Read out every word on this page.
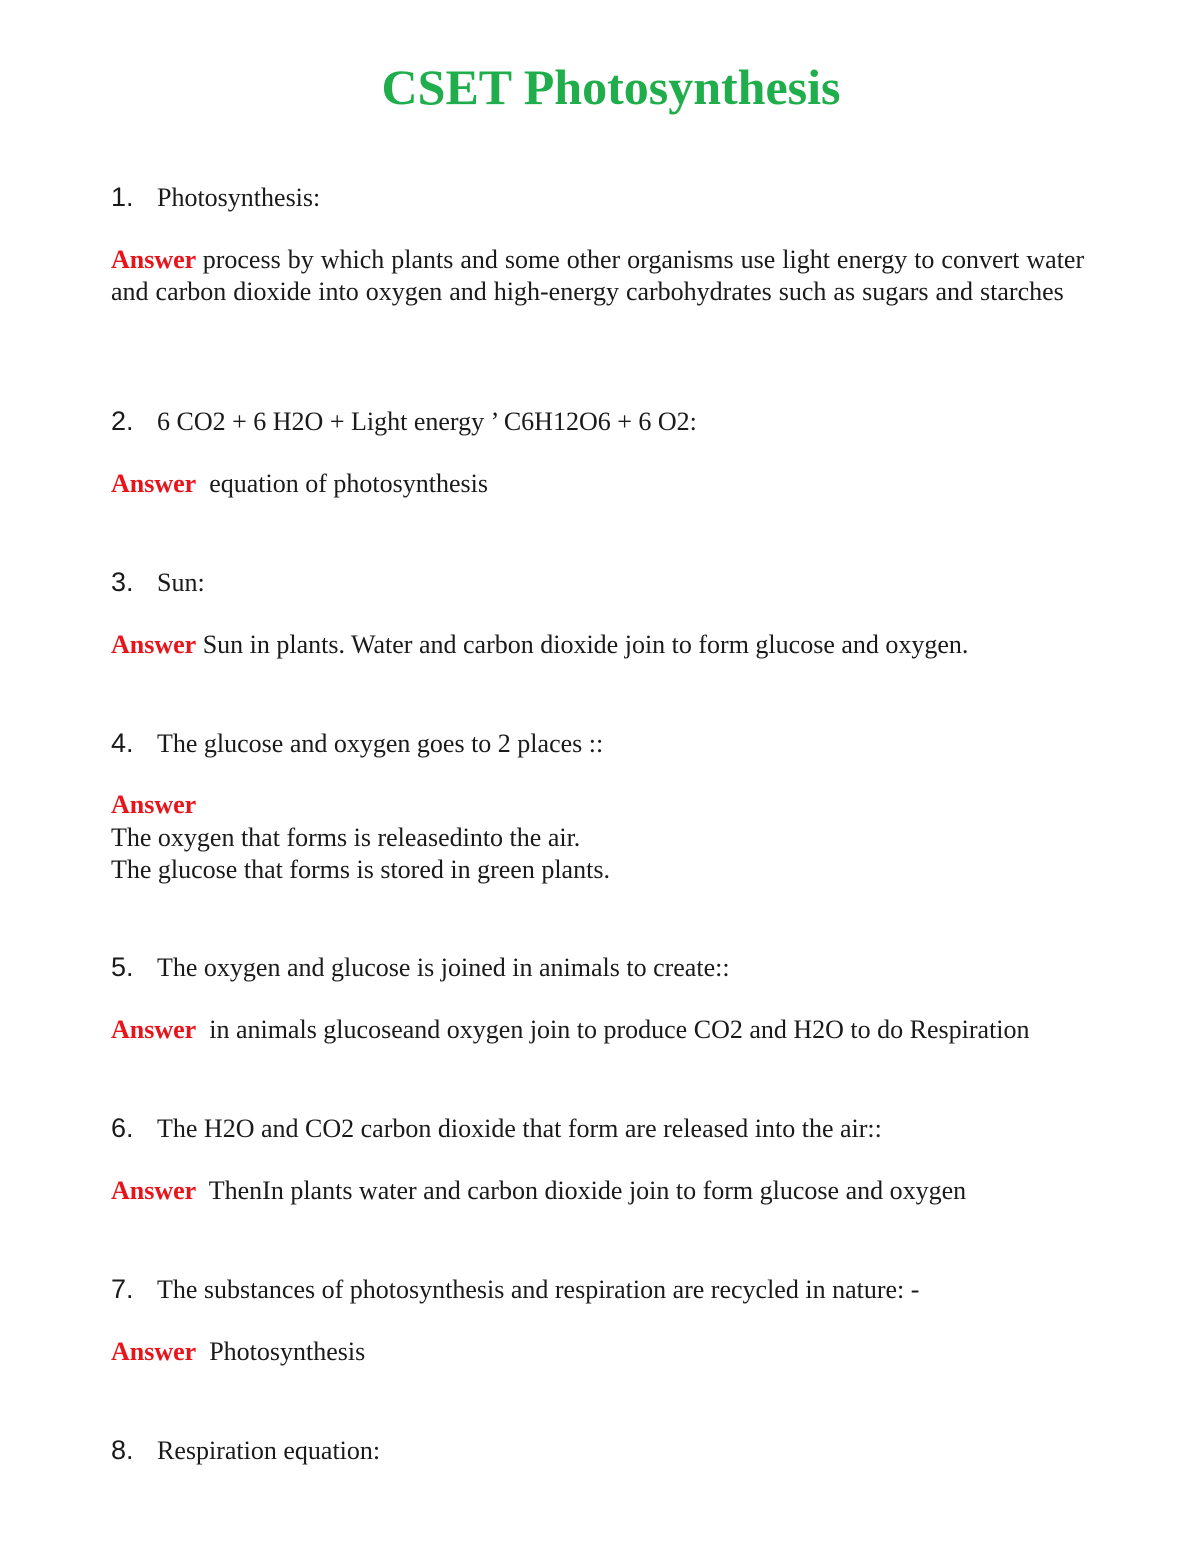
CSET Photosynthesis
1. Photosynthesis:
Answer process by which plants and some other organisms use light energy to convert water and carbon dioxide into oxygen and high-energy carbohydrates such as sugars and starches
2. 6 CO2 + 6 H2O + Light energy ’ C6H12O6 + 6 O2:
Answer equation of photosynthesis
3. Sun:
Answer Sun in plants. Water and carbon dioxide join to form glucose and oxygen.
4. The glucose and oxygen goes to 2 places ::
Answer
The oxygen that forms is releasedinto the air.
The glucose that forms is stored in green plants.
5. The oxygen and glucose is joined in animals to create::
Answer in animals glucoseand oxygen join to produce CO2 and H2O to do Respiration
6. The H2O and CO2 carbon dioxide that form are released into the air::
Answer ThenIn plants water and carbon dioxide join to form glucose and oxygen
7. The substances of photosynthesis and respiration are recycled in nature: -
Answer Photosynthesis
8. Respiration equation:
